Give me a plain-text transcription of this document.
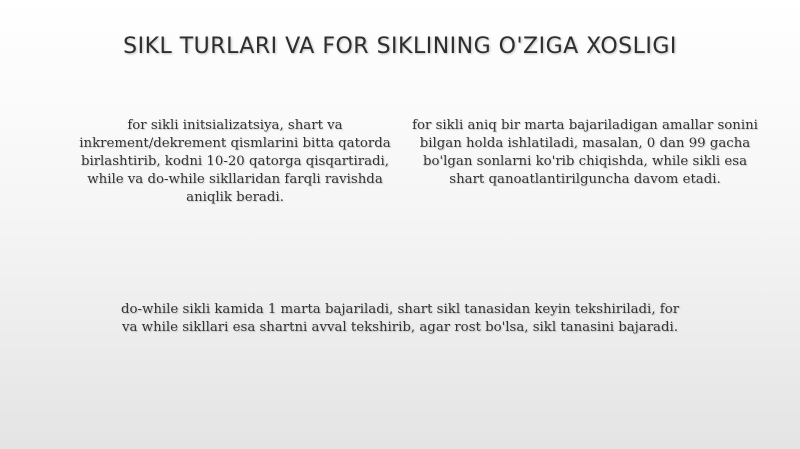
SIKL TURLARI VA FOR SIKLINING O'ZIGA XOSLIGI
for sikli initsializatsiya, shart va inkrement/dekrement qismlarini bitta qatorda birlashtirib, kodni 10-20 qatorga qisqartiradi, while va do-while sikllaridan farqli ravishda aniqlik beradi.
for sikli aniq bir marta bajariladigan amallar sonini bilgan holda ishlatiladi, masalan, 0 dan 99 gacha bo'lgan sonlarni ko'rib chiqishda, while sikli esa shart qanoatlantirilguncha davom etadi.
do-while sikli kamida 1 marta bajariladi, shart sikl tanasidan keyin tekshiriladi, for va while sikllari esa shartni avval tekshirib, agar rost bo'lsa, sikl tanasini bajaradi.
